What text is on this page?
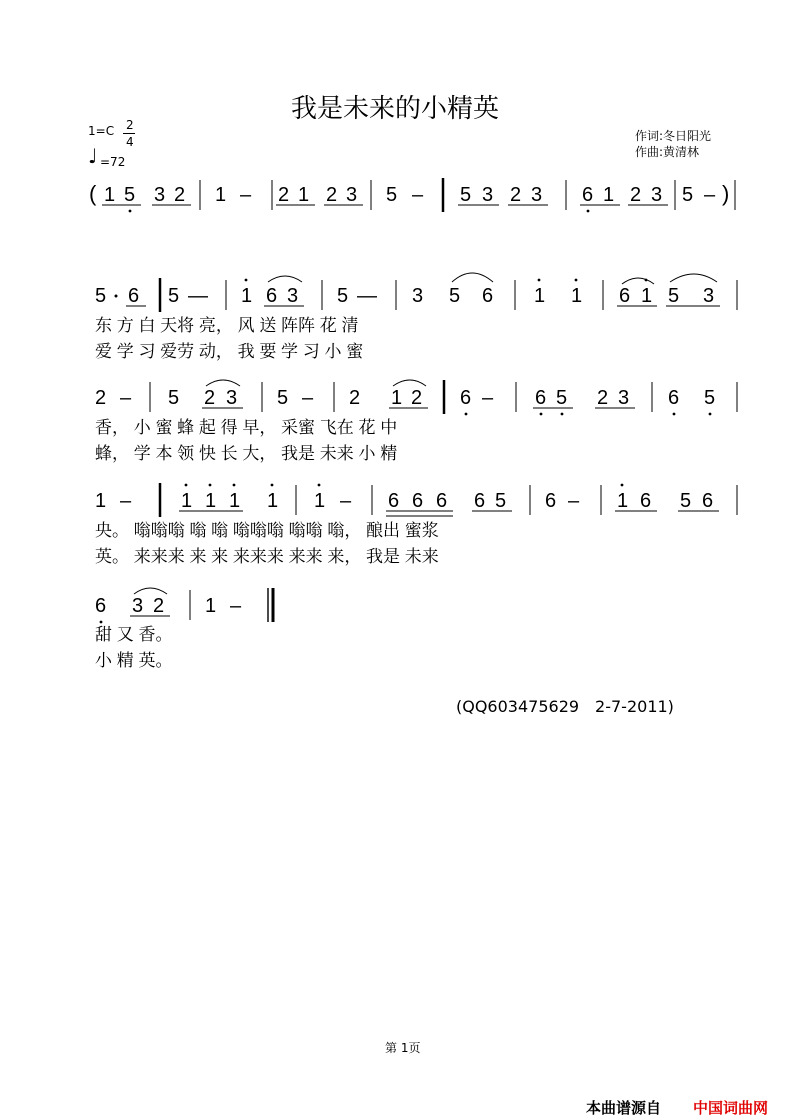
我是未来的小精英
1=C 2
4
♩ =72
作词:冬日阳光
作曲:黄清林
( 1 5 3 2 1 – 2 1 2 3 5 – 5 3 2 3 6 1 2 3 5 – )
5 6 5 — 1 6 3 5 — 3 5 6 1 1 6 1 5 3
东 方 白 天将 亮， 风 送 阵阵 花 清
爱 学 习 爱劳 动， 我 要 学 习 小 蜜
2 – 5 2 3 5 – 2 1 2 6 – 6 5 2 3 6 5
香， 小 蜜 蜂 起 得 早， 采蜜 飞在 花 中
蜂， 学 本 领 快 长 大， 我是 未来 小 精
1 – 1 1 1 1 1 – 6 6 6 6 5 6 – 1 6 5 6
央。 嗡嗡嗡 嗡 嗡 嗡嗡嗡 嗡嗡 嗡， 酿出 蜜浆
英。 来来来 来 来 来来来 来来 来， 我是 未来
6 3 2 1 –
甜 又 香。
小 精 英。
(QQ603475629　2-7-2011)
第 1页
本曲谱源自 中国词曲网
